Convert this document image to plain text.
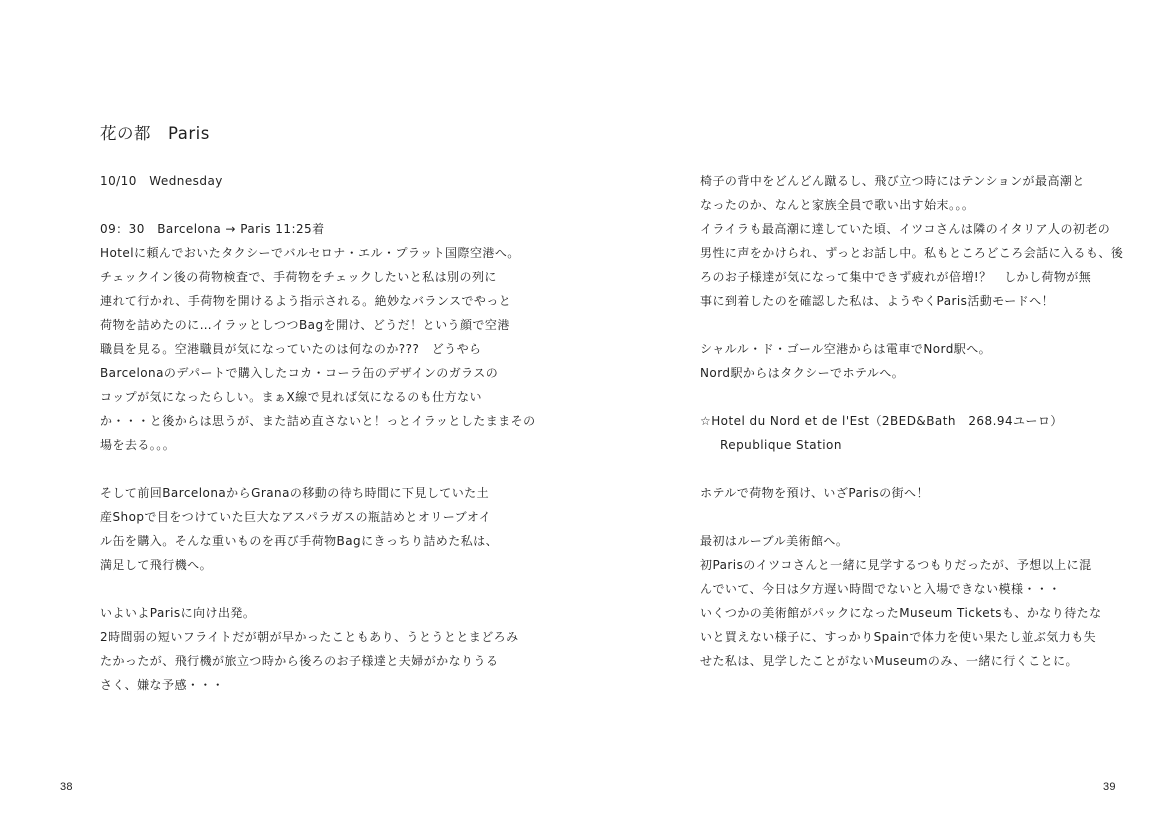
花の都　Paris
10/10　Wednesday
09：30　Barcelona → Paris 11:25着
Hotelに頼んでおいたタクシーでバルセロナ・エル・プラット国際空港へ。
チェックイン後の荷物検査で、手荷物をチェックしたいと私は別の列に
連れて行かれ、手荷物を開けるよう指示される。絶妙なバランスでやっと
荷物を詰めたのに…イラッとしつつBagを開け、どうだ！という顔で空港
職員を見る。空港職員が気になっていたのは何なのか???　どうやら
Barcelonaのデパートで購入したコカ・コーラ缶のデザインのガラスの
コップが気になったらしい。まぁX線で見れば気になるのも仕方ない
か・・・と後からは思うが、また詰め直さないと！っとイラッとしたままその
場を去る。。。
そして前回BarcelonaからGranaの移動の待ち時間に下見していた土
産Shopで目をつけていた巨大なアスパラガスの瓶詰めとオリーブオイ
ル缶を購入。そんな重いものを再び手荷物Bagにきっちり詰めた私は、
満足して飛行機へ。
いよいよParisに向け出発。
2時間弱の短いフライトだが朝が早かったこともあり、うとうととまどろみ
たかったが、飛行機が旅立つ時から後ろのお子様達と夫婦がかなりうる
さく、嫌な予感・・・
38
椅子の背中をどんどん蹴るし、飛び立つ時にはテンションが最高潮と
なったのか、なんと家族全員で歌い出す始末。。。
イライラも最高潮に達していた頃、イツコさんは隣のイタリア人の初老の
男性に声をかけられ、ずっとお話し中。私もところどころ会話に入るも、後
ろのお子様達が気になって集中できず疲れが倍増!？　しかし荷物が無
事に到着したのを確認した私は、ようやくParis活動モードへ！
シャルル・ド・ゴール空港からは電車でNord駅へ。
Nord駅からはタクシーでホテルへ。
☆Hotel du Nord et de l'Est（2BED&Bath　268.94ユーロ）
Republique Station
ホテルで荷物を預け、いざParisの街へ！
最初はルーブル美術館へ。
初Parisのイツコさんと一緒に見学するつもりだったが、予想以上に混
んでいて、今日は夕方遅い時間でないと入場できない模様・・・
いくつかの美術館がパックになったMuseum Ticketsも、かなり待たな
いと買えない様子に、すっかりSpainで体力を使い果たし並ぶ気力も失
せた私は、見学したことがないMuseumのみ、一緒に行くことに。
39
